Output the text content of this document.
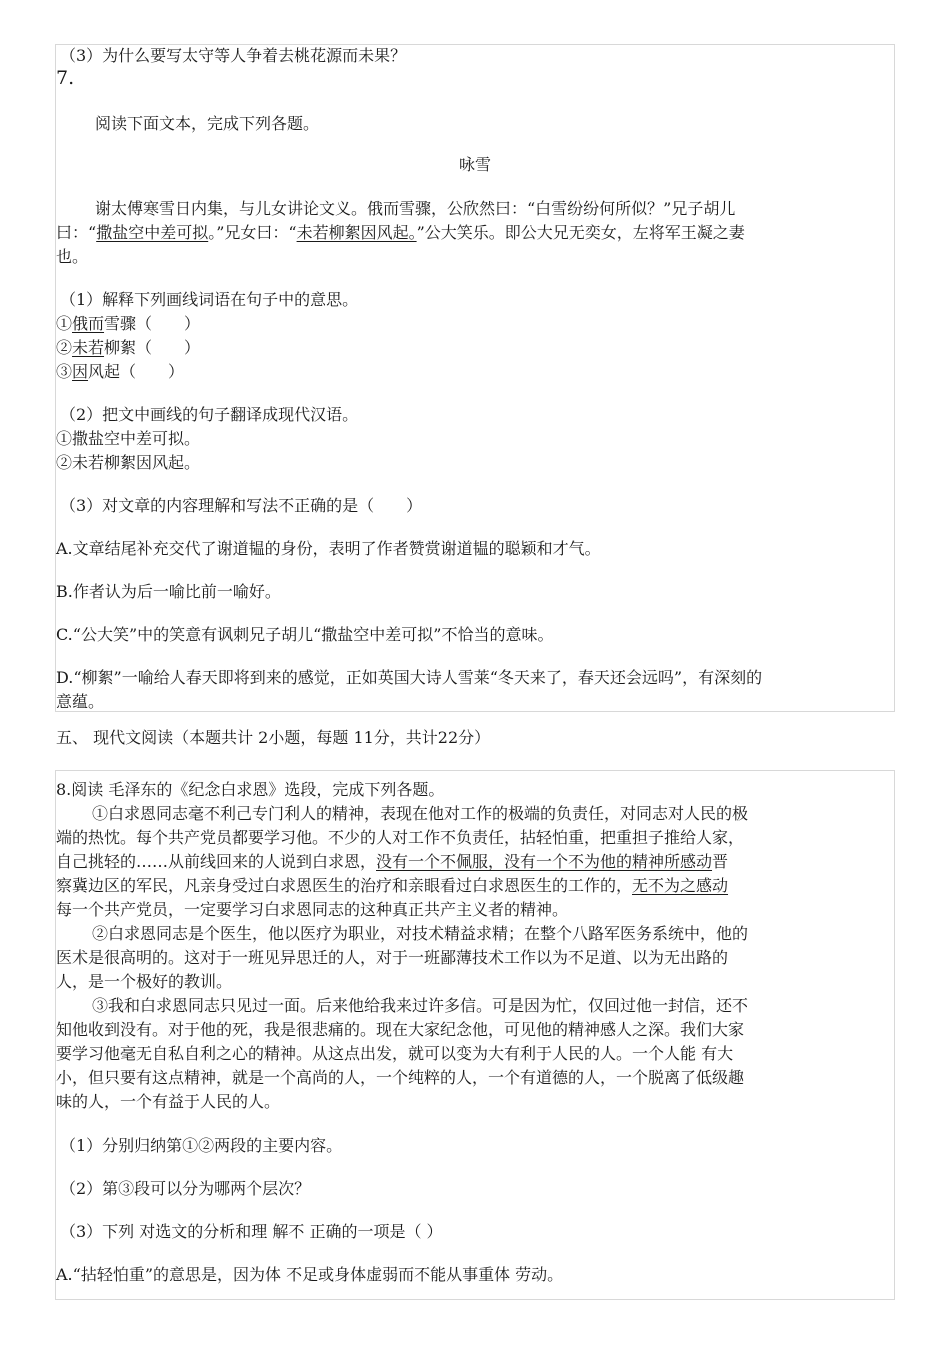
（3）为什么要写太守等人争着去桃花源而未果？
7.
阅读下面文本，完成下列各题。
咏雪
谢太傅寒雪日内集，与儿女讲论文义。俄而雪骤，公欣然曰：“白雪纷纷何所似？”兄子胡儿
曰：“撒盐空中差可拟。”兄女曰：“未若柳絮因风起。”公大笑乐。即公大兄无奕女，左将军王凝之妻
也。
（1）解释下列画线词语在句子中的意思。
①俄而雪骤（　　）
②未若柳絮（　　）
③因风起（　　）
（2）把文中画线的句子翻译成现代汉语。
①撒盐空中差可拟。
②未若柳絮因风起。
（3）对文章的内容理解和写法不正确的是（　　）
A.文章结尾补充交代了谢道韫的身份，表明了作者赞赏谢道韫的聪颖和才气。
B.作者认为后一喻比前一喻好。
C.“公大笑”中的笑意有讽刺兄子胡儿“撒盐空中差可拟”不恰当的意味。
D.“柳絮”一喻给人春天即将到来的感觉，正如英国大诗人雪莱“冬天来了，春天还会远吗”，有深刻的
意蕴。
五、 现代文阅读（本题共计 2小题，每题 11分，共计22分）
8.阅读 毛泽东的《纪念白求恩》选段，完成下列各题。
①白求恩同志毫不利己专门利人的精神，表现在他对工作的极端的负责任，对同志对人民的极
端的热忱。每个共产党员都要学习他。不少的人对工作不负责任，拈轻怕重，把重担子推给人家，
自己挑轻的……从前线回来的人说到白求恩，没有一个不佩服，没有一个不为他的精神所感动晋
察冀边区的军民，凡亲身受过白求恩医生的治疗和亲眼看过白求恩医生的工作的，无不为之感动
每一个共产党员，一定要学习白求恩同志的这种真正共产主义者的精神。
②白求恩同志是个医生，他以医疗为职业，对技术精益求精；在整个八路军医务系统中，他的
医术是很高明的。这对于一班见异思迁的人，对于一班鄙薄技术工作以为不足道、以为无出路的
人，是一个极好的教训。
③我和白求恩同志只见过一面。后来他给我来过许多信。可是因为忙，仅回过他一封信，还不
知他收到没有。对于他的死，我是很悲痛的。现在大家纪念他，可见他的精神感人之深。我们大家
要学习他毫无自私自利之心的精神。从这点出发，就可以变为大有利于人民的人。一个人能 有大
小，但只要有这点精神，就是一个高尚的人，一个纯粹的人，一个有道德的人，一个脱离了低级趣
味的人，一个有益于人民的人。
（1）分别归纳第①②两段的主要内容。
（2）第③段可以分为哪两个层次？
（3）下列 对选文的分析和理 解不 正确的一项是（ ）
A.“拈轻怕重”的意思是，因为体 不足或身体虚弱而不能从事重体 劳动。
